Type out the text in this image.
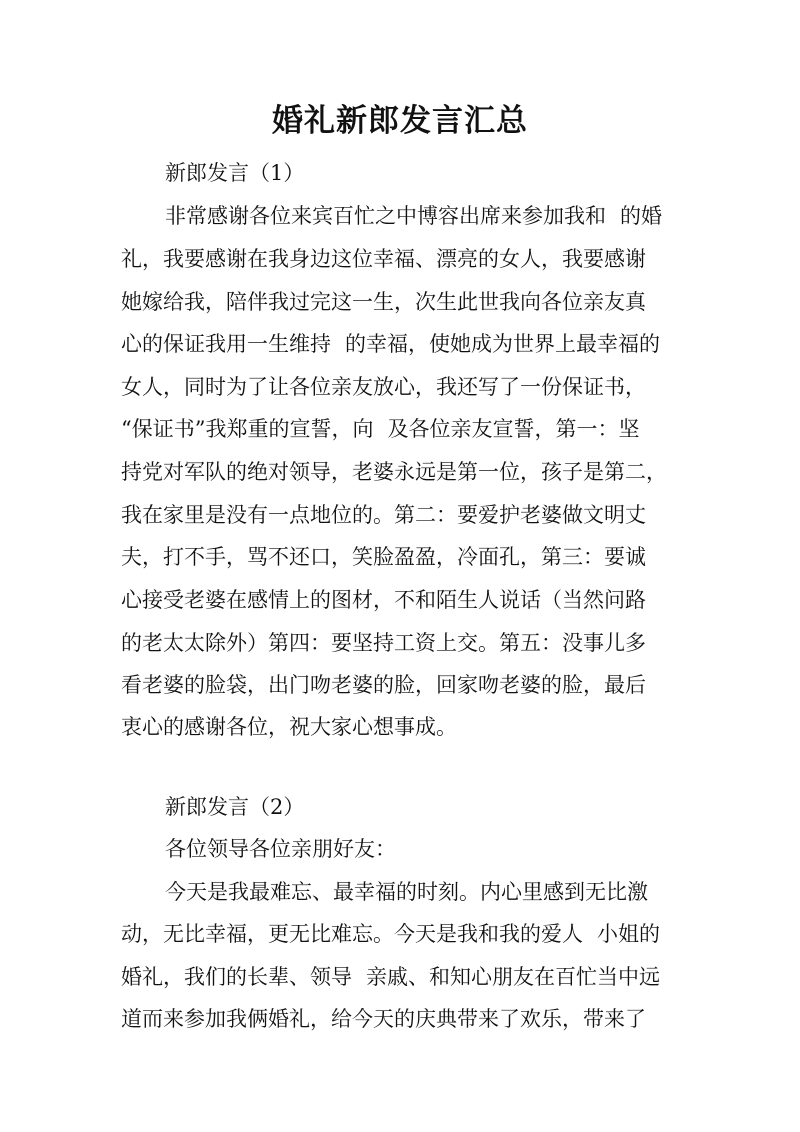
婚礼新郎发言汇总
新郎发言（1）
非常感谢各位来宾百忙之中博容出席来参加我和 的婚
礼，我要感谢在我身边这位幸福、漂亮的女人，我要感谢
她嫁给我，陪伴我过完这一生，次生此世我向各位亲友真
心的保证我用一生维持 的幸福，使她成为世界上最幸福的
女人，同时为了让各位亲友放心，我还写了一份保证书，
“保证书”我郑重的宣誓，向 及各位亲友宣誓，第一：坚
持党对军队的绝对领导，老婆永远是第一位，孩子是第二，
我在家里是没有一点地位的。第二：要爱护老婆做文明丈
夫，打不手，骂不还口，笑脸盈盈，冷面孔，第三：要诚
心接受老婆在感情上的图材，不和陌生人说话（当然问路
的老太太除外）第四：要坚持工资上交。第五：没事儿多
看老婆的脸袋，出门吻老婆的脸，回家吻老婆的脸，最后
衷心的感谢各位，祝大家心想事成。
新郎发言（2）
各位领导各位亲朋好友：
今天是我最难忘、最幸福的时刻。内心里感到无比激
动，无比幸福，更无比难忘。今天是我和我的爱人 小姐的
婚礼，我们的长辈、领导 亲戚、和知心朋友在百忙当中远
道而来参加我俩婚礼，给今天的庆典带来了欢乐，带来了
